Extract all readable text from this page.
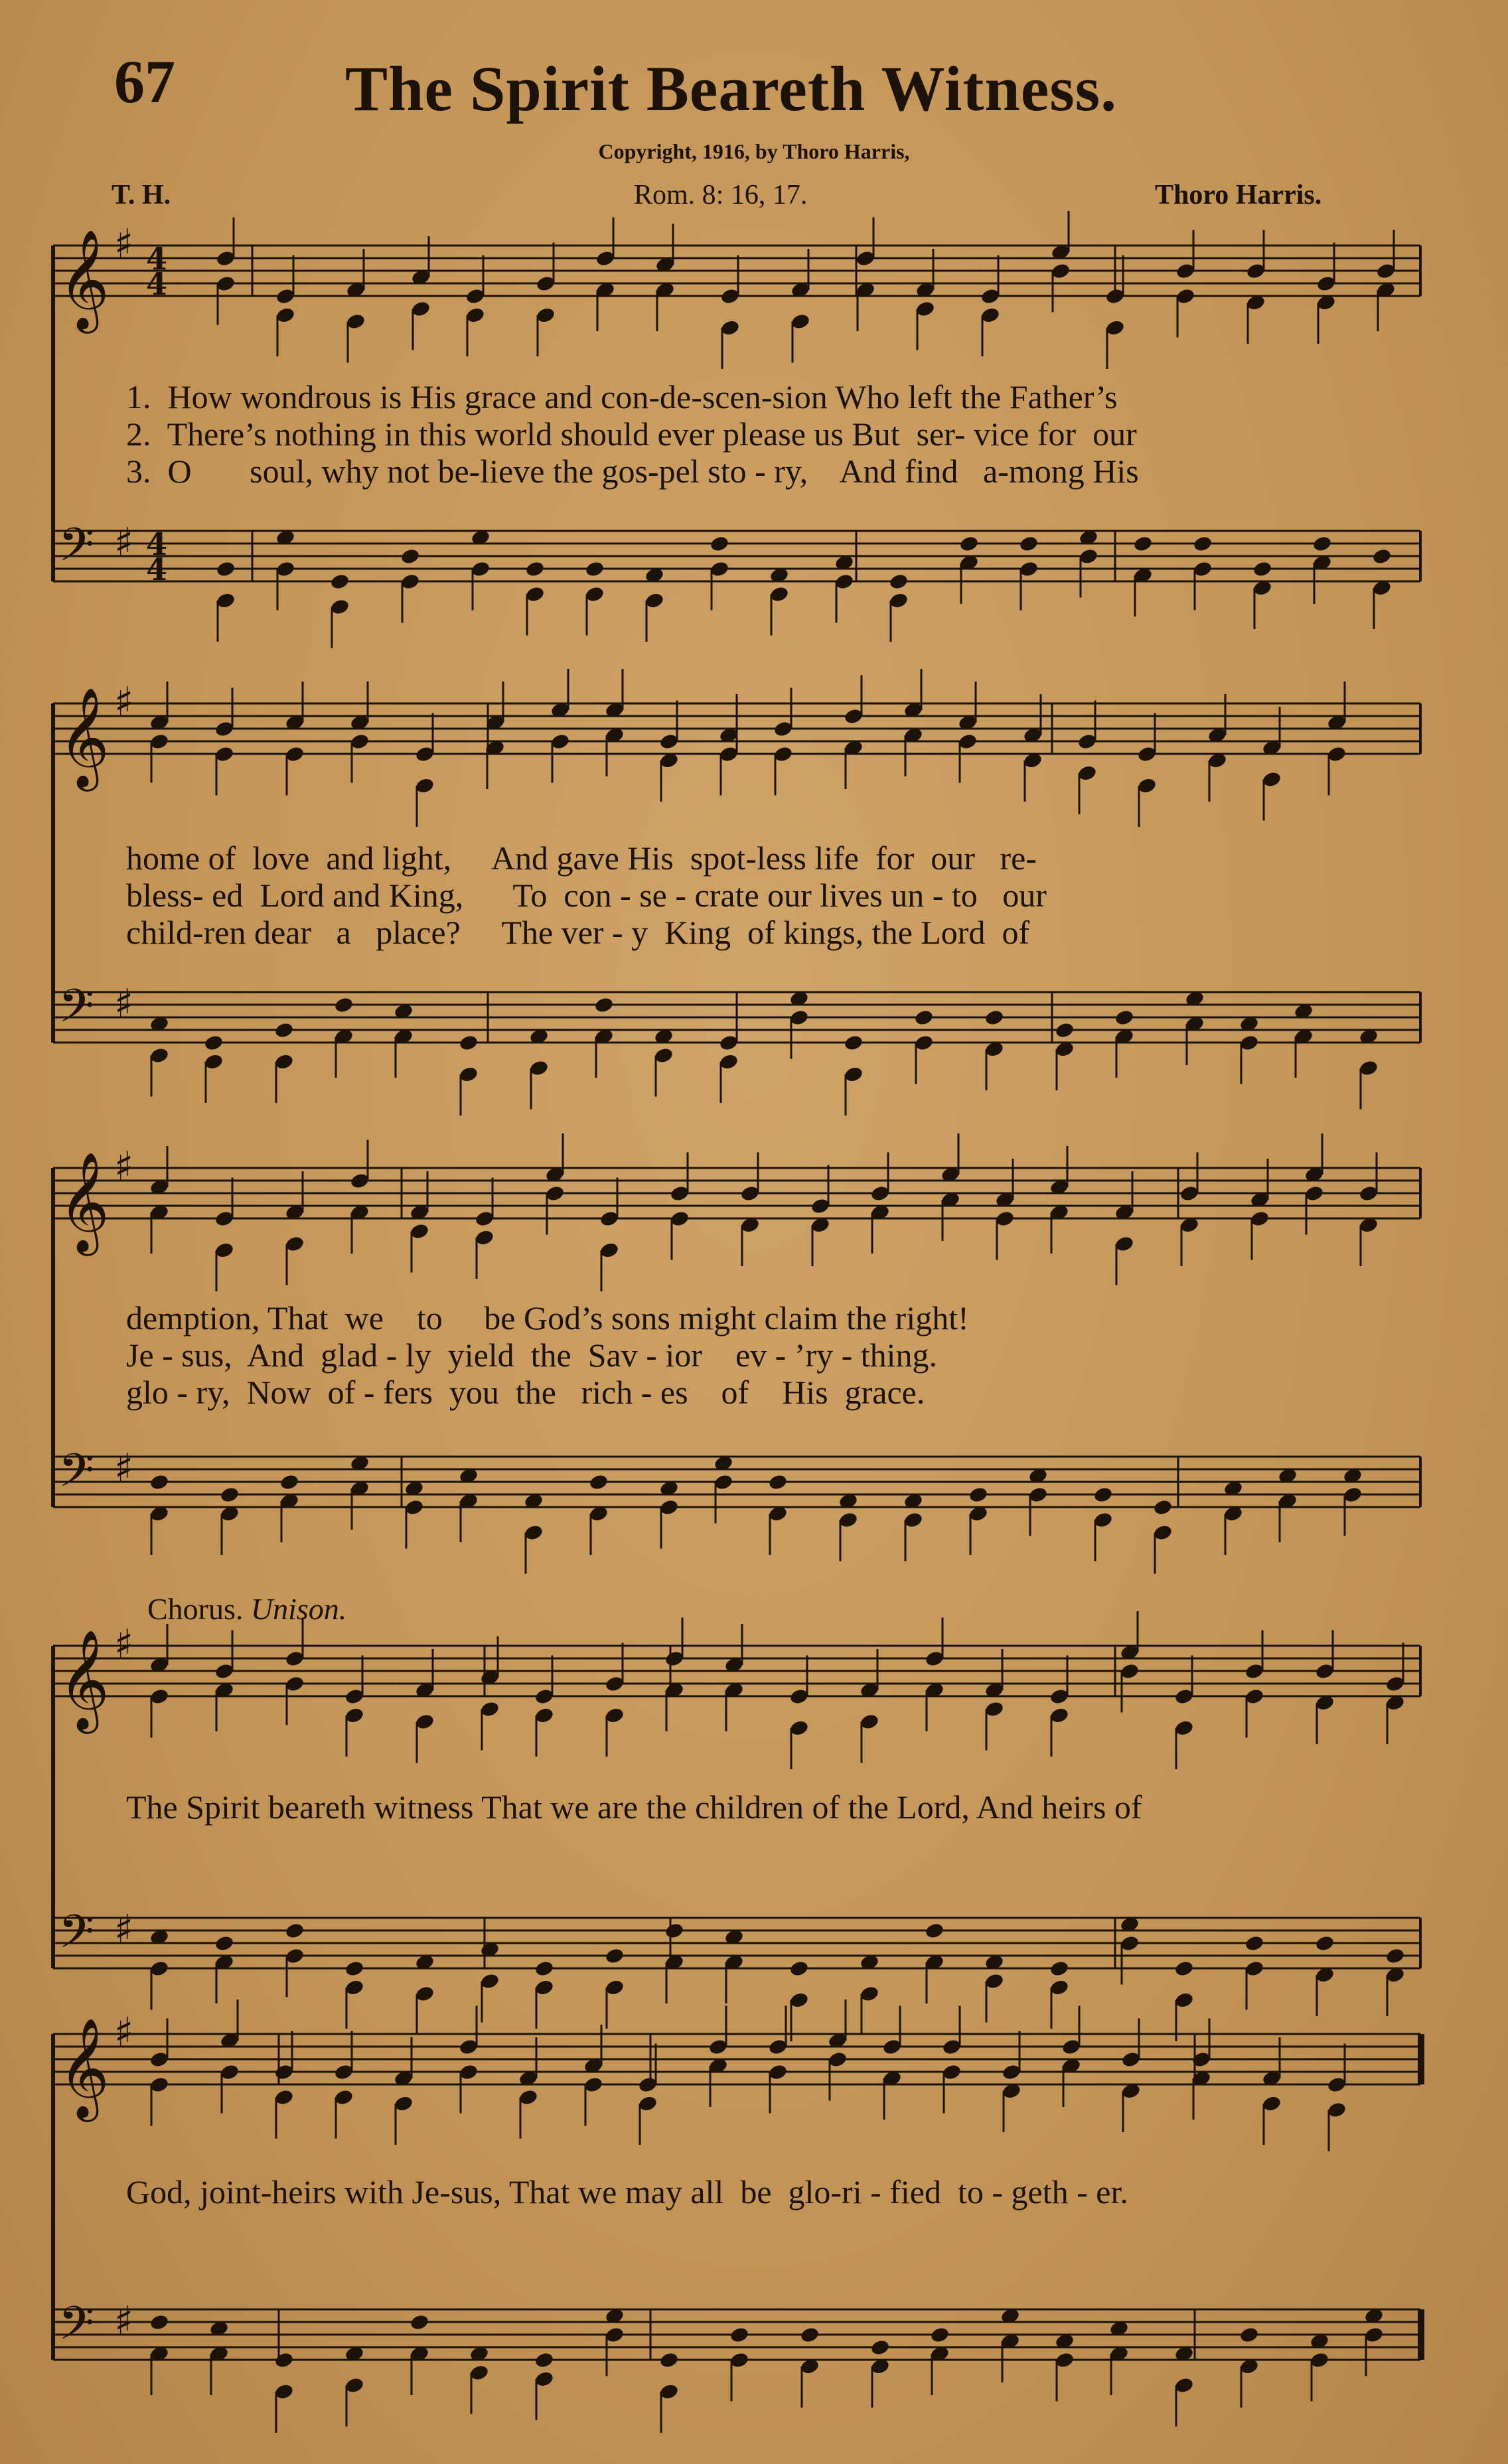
67	The Spirit Beareth Witness.
Copyright, 1916, by Thoro Harris,
T. H.	Rom. 8: 16, 17.	Thoro Harris.
𝄞 ♯
𝄢 ♯
4
4
4
4
𝄞 ♯
𝄢 ♯
𝄞 ♯
𝄢 ♯
𝄞 ♯
𝄢 ♯
𝄞 ♯
𝄢 ♯
1.  How wondrous is His grace and con-de-scen-sion Who left the Father’s
2.  There’s nothing in this world should ever please us But  ser- vice for  our
3.  O       soul, why not be-lieve the gos-pel sto - ry,    And find   a-mong His
home of  love  and light,     And gave His  spot-less life  for  our   re-
bless- ed  Lord and King,      To  con - se - crate our lives un - to   our
child-ren dear   a   place?     The ver - y  King  of kings, the Lord  of
demption, That  we    to     be God’s sons might claim the right!
Je - sus,  And  glad - ly  yield  the  Sav - ior    ev - ’ry - thing.
glo - ry,  Now  of - fers  you  the   rich - es    of    His  grace.
Chorus. Unison.
The Spirit beareth witness That we are the children of the Lord, And heirs of
God, joint-heirs with Je-sus, That we may all  be  glo-ri - fied  to - geth - er.
